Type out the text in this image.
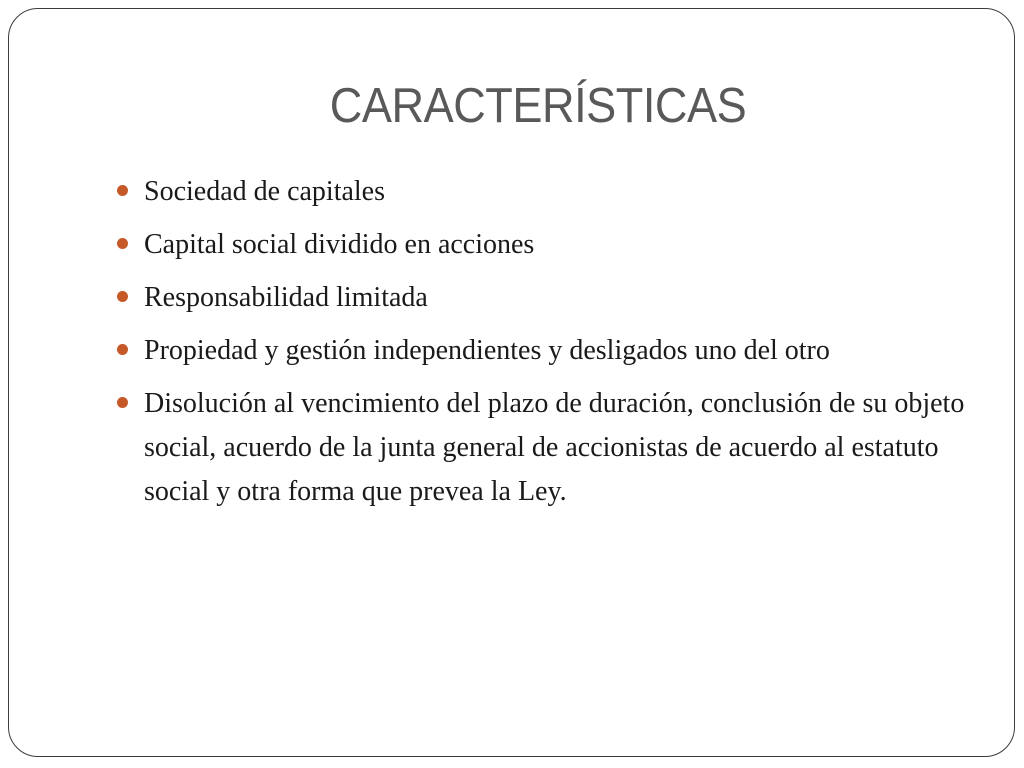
CARACTERÍSTICAS
Sociedad de capitales
Capital social dividido en acciones
Responsabilidad limitada
Propiedad y gestión independientes y desligados uno del otro
Disolución al vencimiento del plazo de duración, conclusión de su objeto social, acuerdo de la junta general de accionistas de acuerdo al estatuto social y otra forma que prevea la Ley.
